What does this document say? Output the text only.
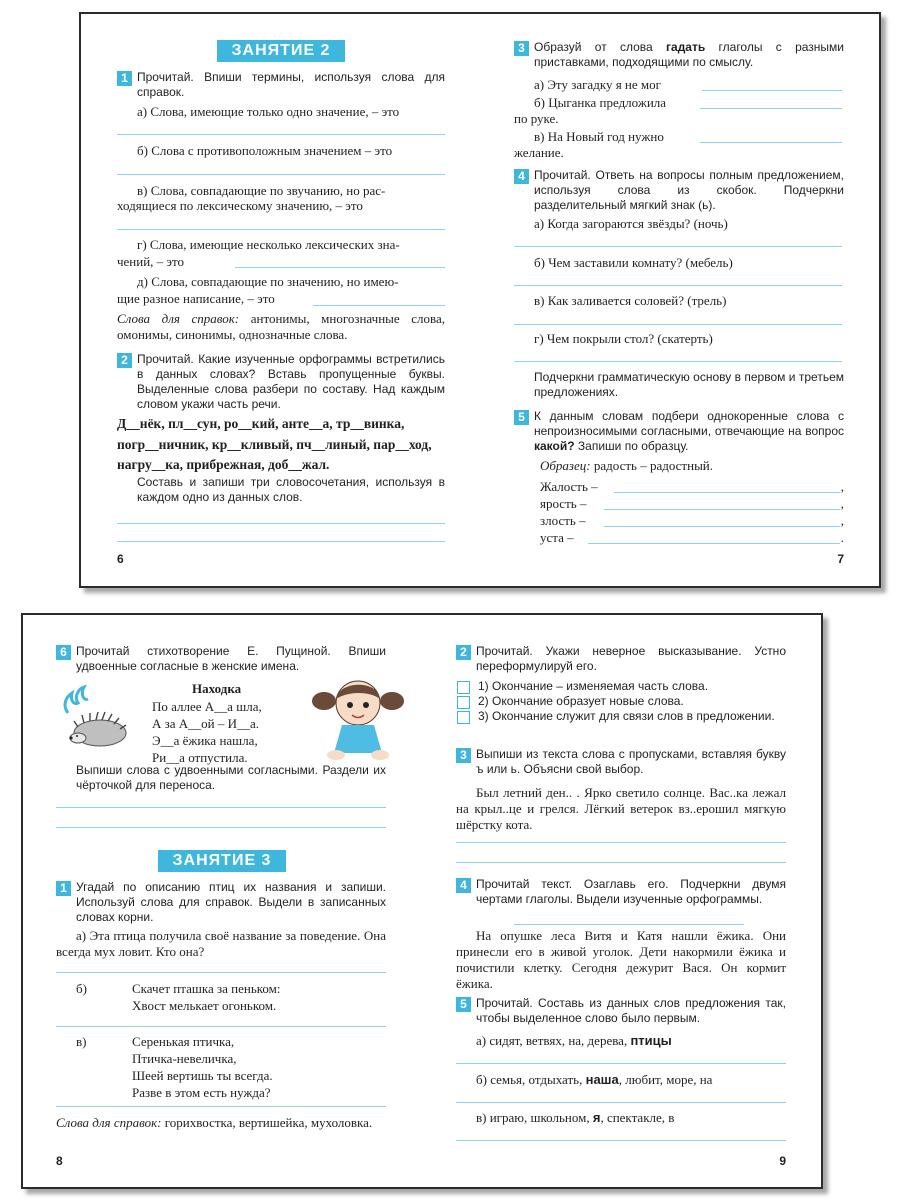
ЗАНЯТИЕ 2
1 Прочитай. Впиши термины, используя слова для справок.
а) Слова, имеющие только одно значение, – это
б) Слова с противоположным значением – это
в) Слова, совпадающие по звучанию, но рас-
ходящиеся по лексическому значению, – это
г) Слова, имеющие несколько лексических зна-
чений, – это
д) Слова, совпадающие по значению, но имею-
щие разное написание, – это
Слова для справок: антонимы, многозначные слова, омонимы, синонимы, однозначные слова.
2 Прочитай. Какие изученные орфограммы встретились в данных словах? Вставь пропущенные буквы. Выделенные слова разбери по составу. Над каждым словом укажи часть речи.
Д__нёк, пл__сун, ро__кий, анте__а, тр__винка,
погр__ничник, кр__кливый, пч__линый, пар__ход,
нагру__ка, прибрежная, доб__жал.
Составь и запиши три словосочетания, используя в каждом одно из данных слов.
6
3 Образуй от слова гадать глаголы с разными приставками, подходящими по смыслу.
а) Эту загадку я не мог
б) Цыганка предложила
по руке.
в) На Новый год нужно
желание.
4 Прочитай. Ответь на вопросы полным предложением, используя слова из скобок. Подчеркни разделительный мягкий знак (ь).
а) Когда загораются звёзды? (ночь)
б) Чем заставили комнату? (мебель)
в) Как заливается соловей? (трель)
г) Чем покрыли стол? (скатерть)
Подчеркни грамматическую основу в первом и третьем предложениях.
5 К данным словам подбери однокоренные слова с непроизносимыми согласными, отвечающие на вопрос какой? Запиши по образцу.
Образец: радость – радостный.
Жалость –	,
ярость –	,
злость –	,
уста –	.
7
6 Прочитай стихотворение Е. Пущиной. Впиши удвоенные согласные в женские имена.
Находка
По аллее А__а шла,
А за А__ой – И__а.
Э__а ёжика нашла,
Ри__а отпустила.
Выпиши слова с удвоенными согласными. Раздели их чёрточкой для переноса.
ЗАНЯТИЕ 3
1 Угадай по описанию птиц их названия и запиши. Используй слова для справок. Выдели в записанных словах корни.
а) Эта птица получила своё название за поведение. Она всегда мух ловит. Кто она?
б)	Скачет пташка за пеньком:
Хвост мелькает огоньком.
в)	Серенькая птичка,
Птичка-невеличка,
Шеей вертишь ты всегда.
Разве в этом есть нужда?
Слова для справок: горихвостка, вертишейка, мухоловка.
8
2 Прочитай. Укажи неверное высказывание. Устно переформулируй его.
1) Окончание – изменяемая часть слова.
2) Окончание образует новые слова.
3) Окончание служит для связи слов в предложении.
3 Выпиши из текста слова с пропусками, вставляя букву ъ или ь. Объясни свой выбор.
Был летний ден.. . Ярко светило солнце. Вас..ка лежал на крыл..це и грелся. Лёгкий ветерок вз..ерошил мягкую шёрстку кота.
4 Прочитай текст. Озаглавь его. Подчеркни двумя чертами глаголы. Выдели изученные орфограммы.
На опушке леса Витя и Катя нашли ёжика. Они принесли его в живой уголок. Дети накормили ёжика и почистили клетку. Сегодня дежурит Вася. Он кормит ёжика.
5 Прочитай. Составь из данных слов предложения так, чтобы выделенное слово было первым.
а) сидят, ветвях, на, дерева, птицы
б) семья, отдыхать, наша, любит, море, на
в) играю, школьном, я, спектакле, в
9
